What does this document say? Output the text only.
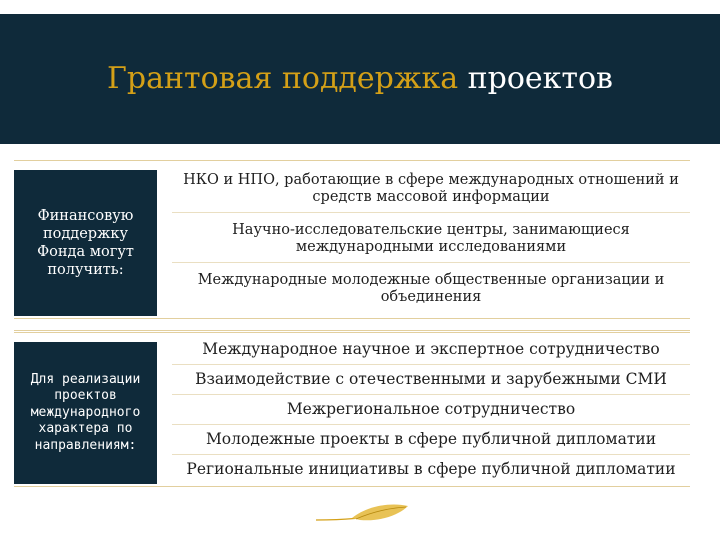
Грантовая поддержка проектов
Финансовую поддержку Фонда могут получить:
НКО и НПО, работающие в сфере международных отношений и
средств массовой информации
Научно-исследовательские центры, занимающиеся
международными исследованиями
Международные молодежные общественные организации и
объединения
Для реализации проектов международного характера по направлениям:
Международное научное и экспертное сотрудничество
Взаимодействие с отечественными и зарубежными СМИ
Межрегиональное сотрудничество
Молодежные проекты в сфере публичной дипломатии
Региональные инициативы в сфере публичной дипломатии
